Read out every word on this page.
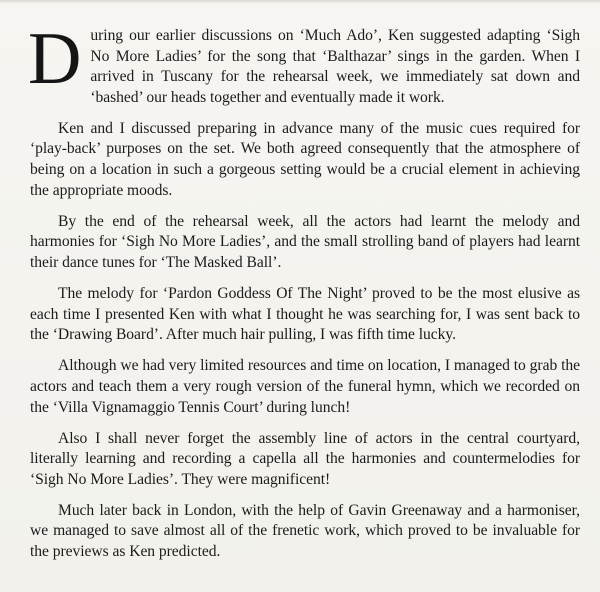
During our earlier discussions on ‘Much Ado’, Ken suggested adapting ‘Sigh No More Ladies’ for the song that ‘Balthazar’ sings in the garden. When I arrived in Tuscany for the rehearsal week, we immediately sat down and ‘bashed’ our heads together and eventually made it work.

Ken and I discussed preparing in advance many of the music cues required for ‘play-back’ purposes on the set. We both agreed consequently that the atmosphere of being on a location in such a gorgeous setting would be a crucial element in achieving the appropriate moods.

By the end of the rehearsal week, all the actors had learnt the melody and harmonies for ‘Sigh No More Ladies’, and the small strolling band of players had learnt their dance tunes for ‘The Masked Ball’.

The melody for ‘Pardon Goddess Of The Night’ proved to be the most elusive as each time I presented Ken with what I thought he was searching for, I was sent back to the ‘Drawing Board’. After much hair pulling, I was fifth time lucky.

Although we had very limited resources and time on location, I managed to grab the actors and teach them a very rough version of the funeral hymn, which we recorded on the ‘Villa Vignamaggio Tennis Court’ during lunch!

Also I shall never forget the assembly line of actors in the central courtyard, literally learning and recording a capella all the harmonies and countermelodies for ‘Sigh No More Ladies’. They were magnificent!

Much later back in London, with the help of Gavin Greenaway and a harmoniser, we managed to save almost all of the frenetic work, which proved to be invaluable for the previews as Ken predicted.
